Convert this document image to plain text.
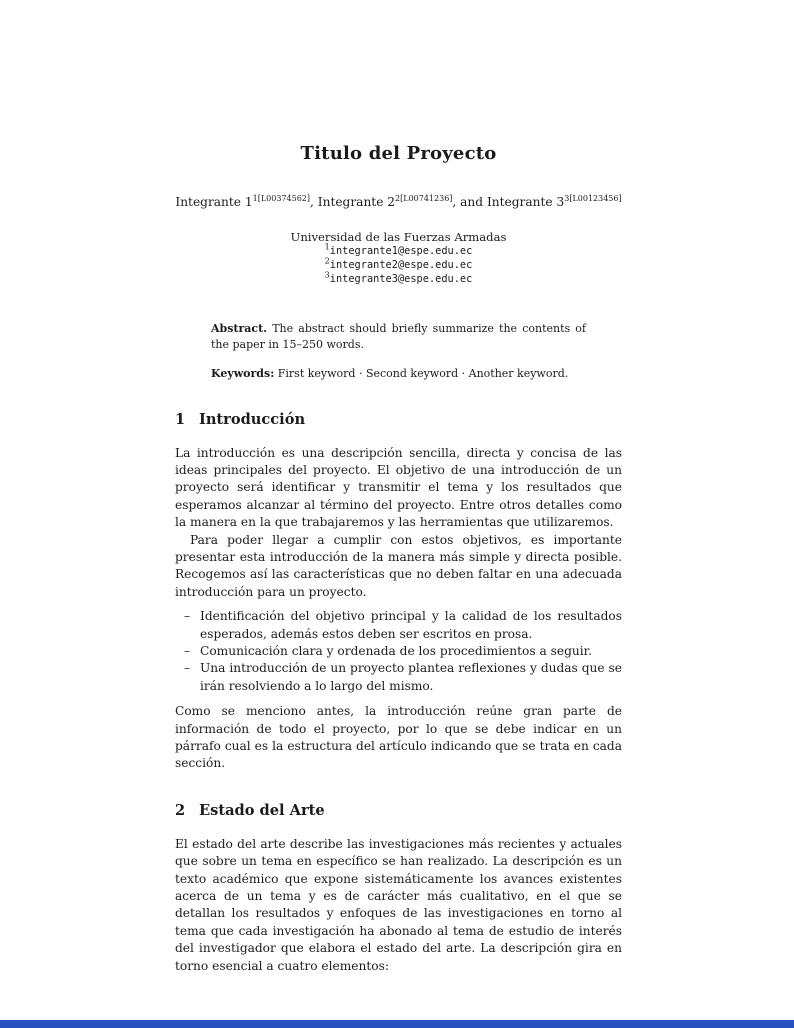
Titulo del Proyecto

Integrante $1^{1[L00374562]}$, Integrante $2^{2[L00741236]}$, and Integrante $3^{3[L00123456]}$

Universidad de las Fuerzas Armadas

$^1$integrante1@espe.edu.ec
$^2$integrante2@espe.edu.ec
$^3$integrante3@espe.edu.ec

Abstract. The abstract should briefly summarize the contents of the paper in 15–250 words.

Keywords: First keyword · Second keyword · Another keyword.

1 Introducción

La introducción es una descripción sencilla, directa y concisa de las ideas principales del proyecto. El objetivo de una introducción de un proyecto será identificar y transmitir el tema y los resultados que esperamos alcanzar al término del proyecto. Entre otros detalles como la manera en la que trabajaremos y las herramientas que utilizaremos.

Para poder llegar a cumplir con estos objetivos, es importante presentar esta introducción de la manera más simple y directa posible. Recogemos así las características que no deben faltar en una adecuada introducción para un proyecto.

– Identificación del objetivo principal y la calidad de los resultados esperados, además estos deben ser escritos en prosa.
– Comunicación clara y ordenada de los procedimientos a seguir.
– Una introducción de un proyecto plantea reflexiones y dudas que se irán resolviendo a lo largo del mismo.

Como se menciono antes, la introducción reúne gran parte de información de todo el proyecto, por lo que se debe indicar en un párrafo cual es la estructura del artículo indicando que se trata en cada sección.

2 Estado del Arte

El estado del arte describe las investigaciones más recientes y actuales que sobre un tema en específico se han realizado. La descripción es un texto académico que expone sistemáticamente los avances existentes acerca de un tema y es de carácter más cualitativo, en el que se detallan los resultados y enfoques de las investigaciones en torno al tema que cada investigación ha abonado al tema de estudio de interés del investigador que elabora el estado del arte. La descripción gira en torno esencial a cuatro elementos:
